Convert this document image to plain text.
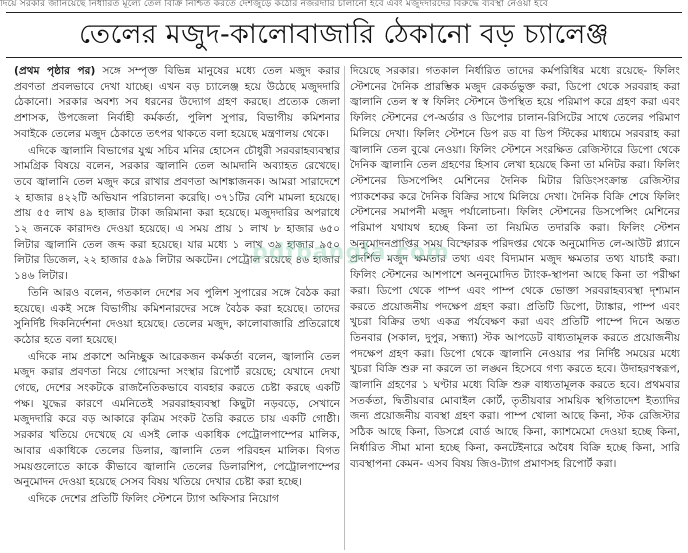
দিয়ে সরকার জানিয়েছে নির্ধারিত মূল্যে তেল বিক্রি নিশ্চিত করতে দেশজুড়ে কঠোর নজরদারি চালানো হবে এবং মজুদদারদের বিরুদ্ধে ব্যবস্থা নেওয়া হবে
তেলের মজুদ-কালোবাজারি ঠেকানো বড় চ্যালেঞ্জ

(প্রথম পৃষ্ঠার পর) সঙ্গে সম্পৃক্ত বিভিন্ন মানুষের মধ্যে তেল মজুদ করার প্রবণতা প্রবলভাবে দেখা যাচ্ছে। এখন বড় চ্যালেঞ্জ হয়ে উঠেছে মজুদদারি ঠেকানো। সরকার অবশ্য সব ধরনের উদ্যোগ গ্রহণ করছে। প্রত্যেক জেলা প্রশাসক, উপজেলা নির্বাহী কর্মকর্তা, পুলিশ সুপার, বিভাগীয় কমিশনার সবাইকে তেলের মজুদ ঠেকাতে তৎপর থাকতে বলা হয়েছে মন্ত্রণালয় থেকে।

এদিকে জ্বালানি বিভাগের যুগ্ম সচিব মনির হোসেন চৌধুরী সরবরাহব্যবস্থার সামগ্রিক বিষয়ে বলেন, সরকার জ্বালানি তেল আমদানি অব্যাহত রেখেছে। তবে জ্বালানি তেল মজুদ করে রাখার প্রবণতা আশঙ্কাজনক। আমরা সারাদেশে ২ হাজার ৪২২টি অভিযান পরিচালনা করেছি। ৩৭১টির বেশি মামলা হয়েছে। প্রায় ৫৫ লাখ ৪৯ হাজার টাকা জরিমানা করা হয়েছে। মজুদদারির অপরাধে ১২ জনকে কারাদণ্ড দেওয়া হয়েছে। এ সময় প্রায় ১ লাখ ৮ হাজার ৬৫০ লিটার জ্বালানি তেল জব্দ করা হয়েছে। যার মধ্যে ১ লাখ ৩৯ হাজার ৯৫০ লিটার ডিজেল, ২২ হাজার ৫৯৯ লিটার অকটেন। পেট্রোল রয়েছে ৪৬ হাজার ১৪৬ লিটার।

তিনি আরও বলেন, গতকাল দেশের সব পুলিশ সুপারের সঙ্গে বৈঠক করা হয়েছে। একই সঙ্গে বিভাগীয় কমিশনারদের সঙ্গে বৈঠক করা হয়েছে। তাদের সুনির্দিষ্ট দিকনির্দেশনা দেওয়া হয়েছে। তেলের মজুদ, কালোবাজারি প্রতিরোধে কঠোর হতে বলা হয়েছে।

এদিকে নাম প্রকাশে অনিচ্ছুক আরেকজন কর্মকর্তা বলেন, জ্বালানি তেল মজুদ করার প্রবণতা নিয়ে গোয়েন্দা সংস্থার রিপোর্ট রয়েছে; যেখানে দেখা গেছে, দেশের সংকটকে রাজনৈতিকভাবে ব্যবহার করতে চেষ্টা করছে একটি পক্ষ। যুদ্ধের কারণে এমনিতেই সরবরাহব্যবস্থা কিছুটা নড়বড়ে, সেখানে মজুদদারি করে বড় আকারে কৃত্রিম সংকট তৈরি করতে চায় একটি গোষ্ঠী। সরকার খতিয়ে দেখেছে যে এসই লোক একাধিক পেট্রোলপাম্পের মালিক, আবার একাধিকে তেলের ডিলার, জ্বালানি তেল পরিবহন মালিক। বিগত সময়গুলোতে কাকে কীভাবে জ্বালানি তেলের ডিলারশিপ, পেট্রোলপাম্পের অনুমোদন দেওয়া হয়েছে সেসব বিষয় খতিয়ে দেখার চেষ্টা করা হচ্ছে।

এদিকে দেশের প্রতিটি ফিলিং স্টেশনে ট্যাগ অফিসার নিয়োগ

দিয়েছে সরকার। গতকাল নির্ধারিত তাদের কর্মপরিধির মধ্যে রয়েছে- ফিলিং স্টেশনের দৈনিক প্রারম্ভিক মজুদ রেকর্ডভুক্ত করা, ডিপো থেকে সরবরাহ করা জ্বালানি তেল স্ব স্ব ফিলিং স্টেশনে উপস্থিত হয়ে পরিমাপ করে গ্রহণ করা এবং ফিলিং স্টেশনের পে-অর্ডার ও ডিপোর চালান-রিসিটের সাথে তেলের পরিমাণ মিলিয়ে দেখা। ফিলিং স্টেশনে ডিপ রড বা ডিপ স্টিকের মাধ্যমে সরবরাহ করা জ্বালানি তেল বুঝে নেওয়া। ফিলিং স্টেশনে সংরক্ষিত রেজিস্টারে ডিপো থেকে দৈনিক জ্বালানি তেল গ্রহণের হিসাব লেখা হয়েছে কিনা তা মনিটর করা। ফিলিং স্টেশনের ডিসপেন্সিং মেশিনের দৈনিক মিটার রিডিংসংক্রান্ত রেজিস্টার প্যাকশেকর করে দৈনিক বিক্রির সাথে মিলিয়ে দেখা। দৈনিক বিক্রি শেষে ফিলিং স্টেশনের সমাপনী মজুদ পর্যালোচনা। ফিলিং স্টেশনের ডিসপেন্সিং মেশিনের পরিমাপ যথাযথ হচ্ছে কিনা তা নিয়মিত তদারকি করা। ফিলিং স্টেশন অনুমোদনপ্রাপ্তির সময় বিস্ফোরক পরিদপ্তর থেকে অনুমোদিত লে-আউট প্ল্যানে প্রদর্শিত মজুদ ক্ষমতার তথ্য এবং বিদ্যমান মজুদ ক্ষমতার তথ্য যাচাই করা। ফিলিং স্টেশনের আশপাশে অননুমোদিত ট্যাংক-স্থাপনা আছে কিনা তা পরীক্ষা করা। ডিপো থেকে পাম্প এবং পাম্প থেকে ভোক্তা সরবরাহব্যবস্থা দৃশ্যমান করতে প্রয়োজনীয় পদক্ষেপ গ্রহণ করা। প্রতিটি ডিপো, ট্যাঙ্কার, পাম্প এবং খুচরা বিক্রির তথ্য একত্র পর্যবেক্ষণ করা এবং প্রতিটি পাম্পে দিনে অন্তত তিনবার (সকাল, দুপুর, সন্ধ্যা) স্টক আপডেট বাধ্যতামূলক করতে প্রয়োজনীয় পদক্ষেপ গ্রহণ করা। ডিপো থেকে জ্বালানি নেওয়ার পর নির্দিষ্ট সময়ের মধ্যে খুচরা বিক্রি শুরু না করলে তা লঙ্ঘন হিসেবে গণ্য করতে হবে। উদাহরণস্বরূপ, জ্বালানি গ্রহণের ১ ঘণ্টার মধ্যে বিক্রি শুরু বাধ্যতামূলক করতে হবে। প্রথমবার সতর্কতা, দ্বিতীয়বার মোবাইল কোর্ট, তৃতীয়বার সাময়িক স্থগিতাদেশ ইত্যাদির জন্য প্রয়োজনীয় ব্যবস্থা গ্রহণ করা। পাম্প খোলা আছে কিনা, স্টক রেজিস্টার সঠিক আছে কিনা, ডিসপ্লে বোর্ড আছে কিনা, ক্যাশমেমো দেওয়া হচ্ছে কিনা, নির্ধারিত সীমা মানা হচ্ছে কিনা, কনটেইনারে অবৈধ বিক্রি হচ্ছে কিনা, সারি ব্যবস্থাপনা কেমন- এসব বিষয় জিও-ট্যাগ প্রমাণসহ রিপোর্ট করা।

pdfbangla.com
